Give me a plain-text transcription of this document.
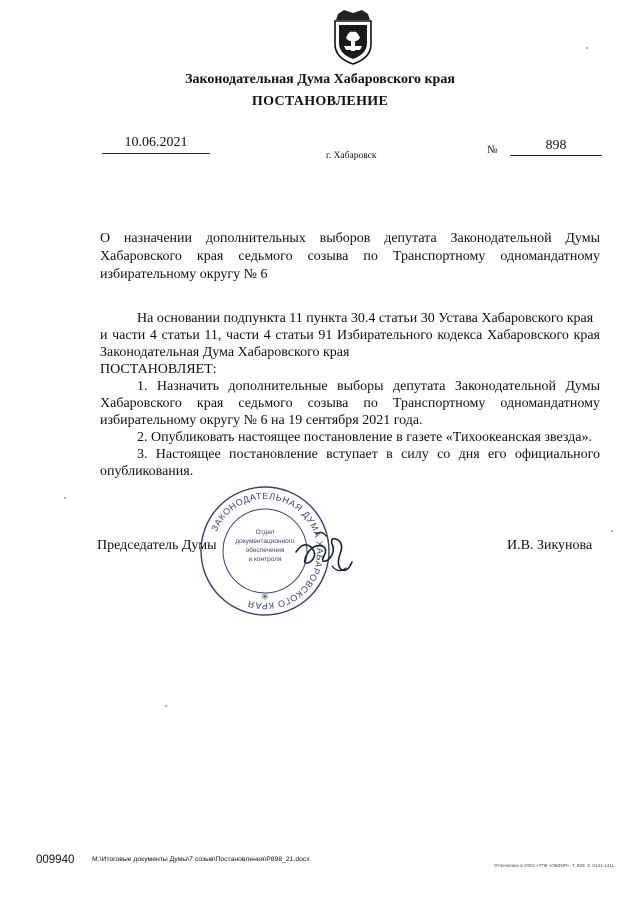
Законодательная Дума Хабаровского края
ПОСТАНОВЛЕНИЕ
10.06.2021
г. Хабаровск	№	898

О назначении дополнительных выборов депутата Законодательной Думы

Хабаровского края седьмого созыва по Транспортному одномандатному

избирательному округу № 6

На основании подпункта 11 пункта 30.4 статьи 30 Устава Хабаровского края

и части 4 статьи 11, части 4 статьи 91 Избирательного кодекса Хабаровского края

Законодательная Дума Хабаровского края

ПОСТАНОВЛЯЕТ:

1. Назначить дополнительные выборы депутата Законодательной Думы

Хабаровского края седьмого созыва по Транспортному одномандатному

избирательному округу № 6 на 19 сентября 2021 года.

2. Опубликовать настоящее постановление в газете «Тихоокеанская звезда».

3. Настоящее постановление вступает в силу со дня его официального

опубликования.

Председатель Думы	И.В. Зикунова
ЗАКОНОДАТЕЛЬНАЯ ДУМА ХАБАРОВСКОГО КРАЯ
Отдел
документационного
обеспечения
и контроля
✳
009940	M:\Итоговые документы Думы\7 созыв\Постановления\P898_21.docx
Отпечатано в ООО «ТПК «ОБЗОР». Т. 829. З. 0141-1411.
